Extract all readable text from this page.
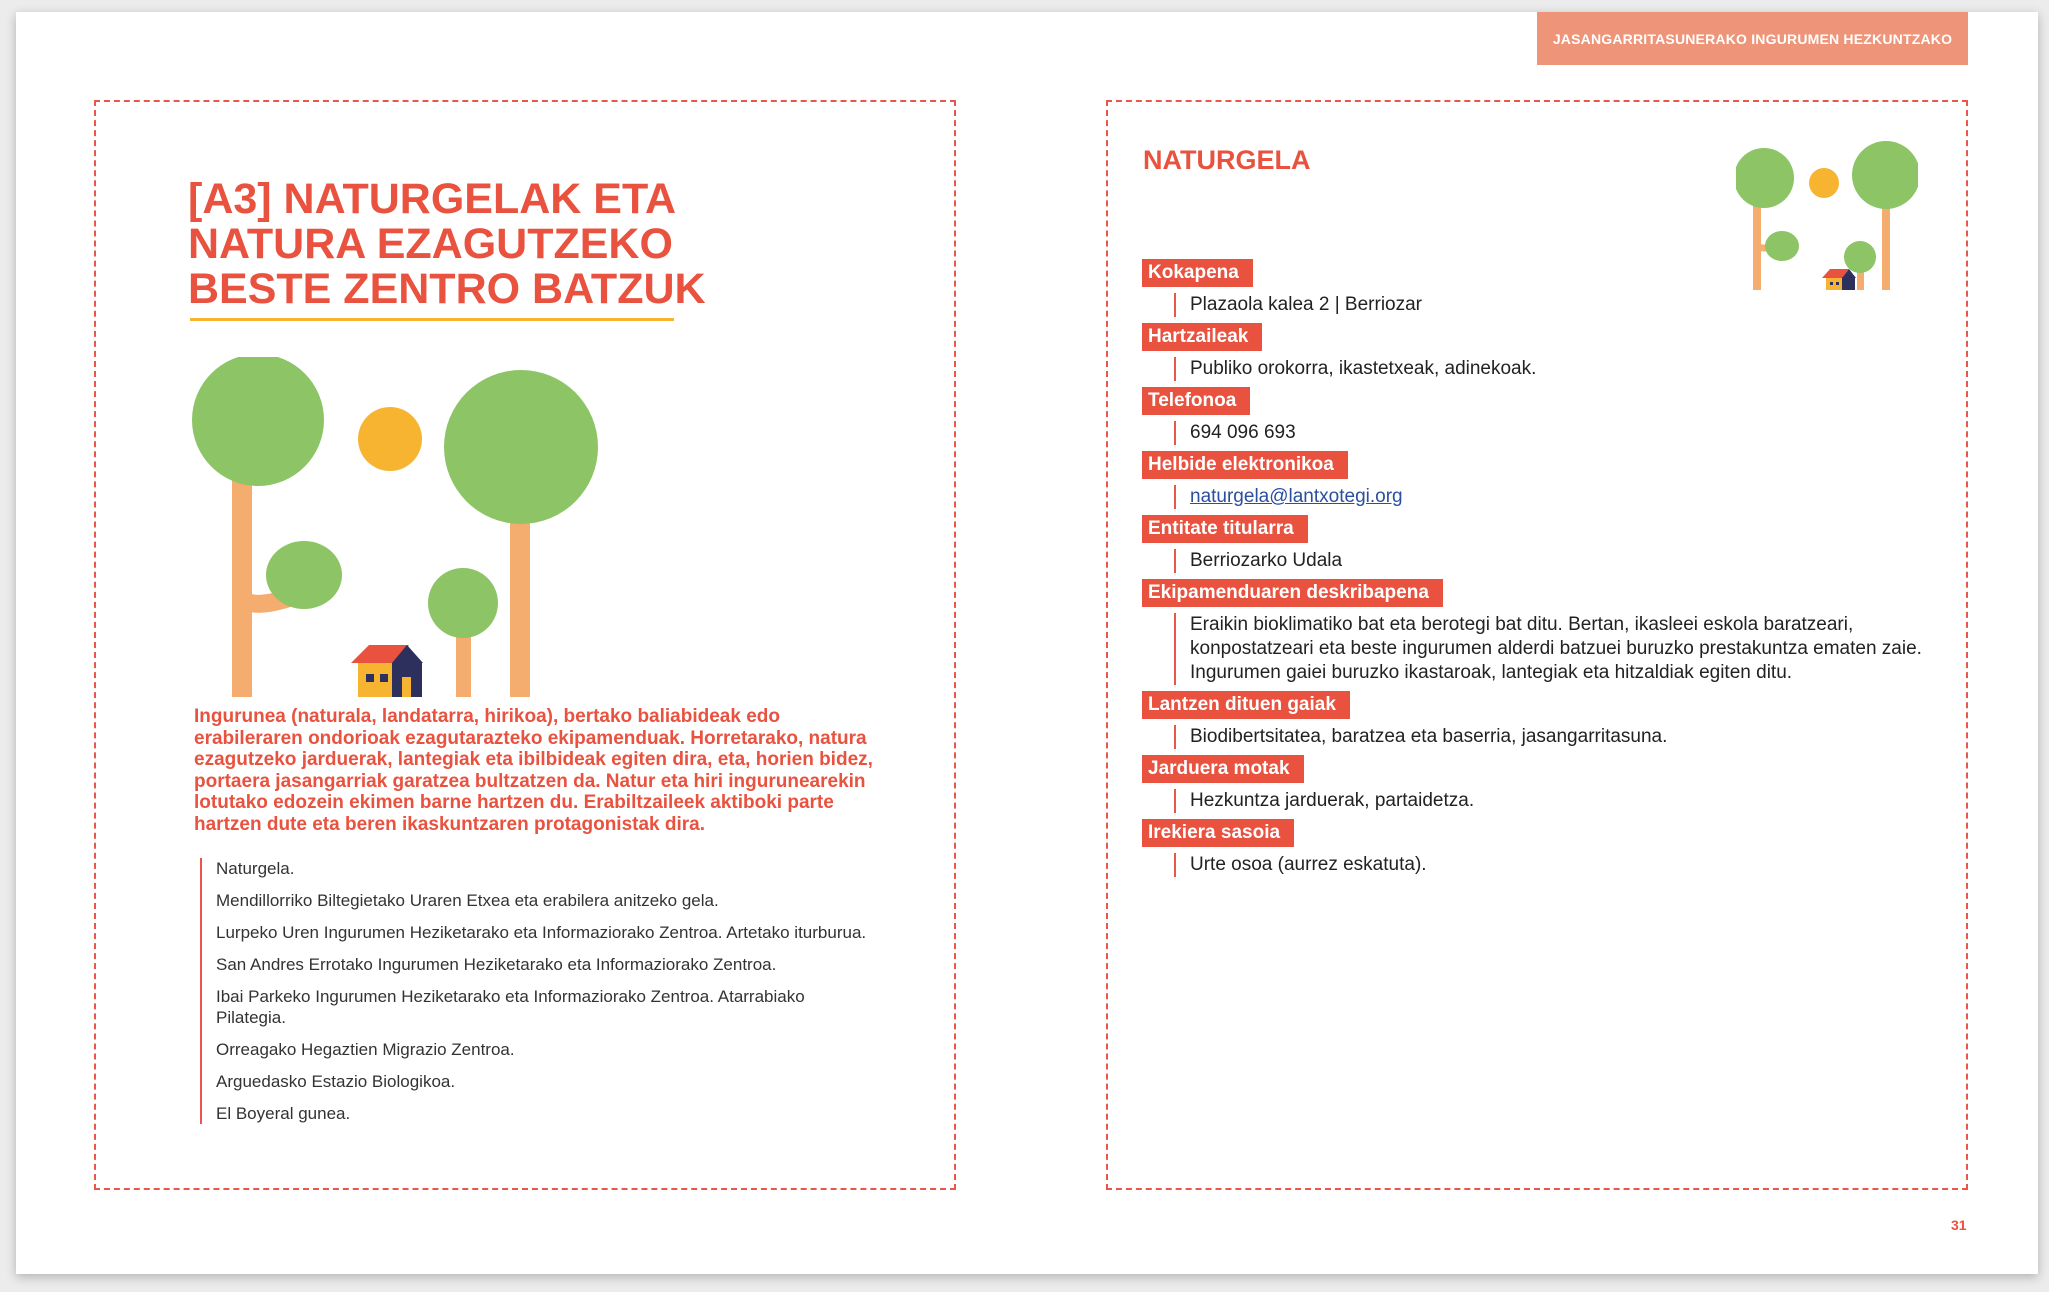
JASANGARRITASUNERAKO INGURUMEN HEZKUNTZAKO
[A3] NATURGELAK ETA
NATURA EZAGUTZEKO
BESTE ZENTRO BATZUK

Ingurunea (naturala, landatarra, hirikoa), bertako baliabideak edo erabileraren ondorioak ezagutarazteko ekipamenduak. Horretarako, natura ezagutzeko jarduerak, lantegiak eta ibilbideak egiten dira, eta, horien bidez, portaera jasangarriak garatzea bultzatzen da. Natur eta hiri ingurunearekin lotutako edozein ekimen barne hartzen du. Erabiltzaileek aktiboki parte hartzen dute eta beren ikaskuntzaren protagonistak dira.

Naturgela.
Mendillorriko Biltegietako Uraren Etxea eta erabilera anitzeko gela.
Lurpeko Uren Ingurumen Heziketarako eta Informaziorako Zentroa. Artetako iturburua.
San Andres Errotako Ingurumen Heziketarako eta Informaziorako Zentroa.
Ibai Parkeko Ingurumen Heziketarako eta Informaziorako Zentroa. Atarrabiako Pilategia.
Orreagako Hegaztien Migrazio Zentroa.
Arguedasko Estazio Biologikoa.
El Boyeral gunea.
NATURGELA
Kokapena
Plazaola kalea 2 | Berriozar
Hartzaileak
Publiko orokorra, ikastetxeak, adinekoak.
Telefonoa
694 096 693
Helbide elektronikoa
naturgela@lantxotegi.org
Entitate titularra
Berriozarko Udala
Ekipamenduaren deskribapena
Eraikin bioklimatiko bat eta berotegi bat ditu. Bertan, ikasleei eskola baratzeari, konpostatzeari eta beste ingurumen alderdi batzuei buruzko prestakuntza ematen zaie. Ingurumen gaiei buruzko ikastaroak, lantegiak eta hitzaldiak egiten ditu.
Lantzen dituen gaiak
Biodibertsitatea, baratzea eta baserria, jasangarritasuna.
Jarduera motak
Hezkuntza jarduerak, partaidetza.
Irekiera sasoia
Urte osoa (aurrez eskatuta).
31
